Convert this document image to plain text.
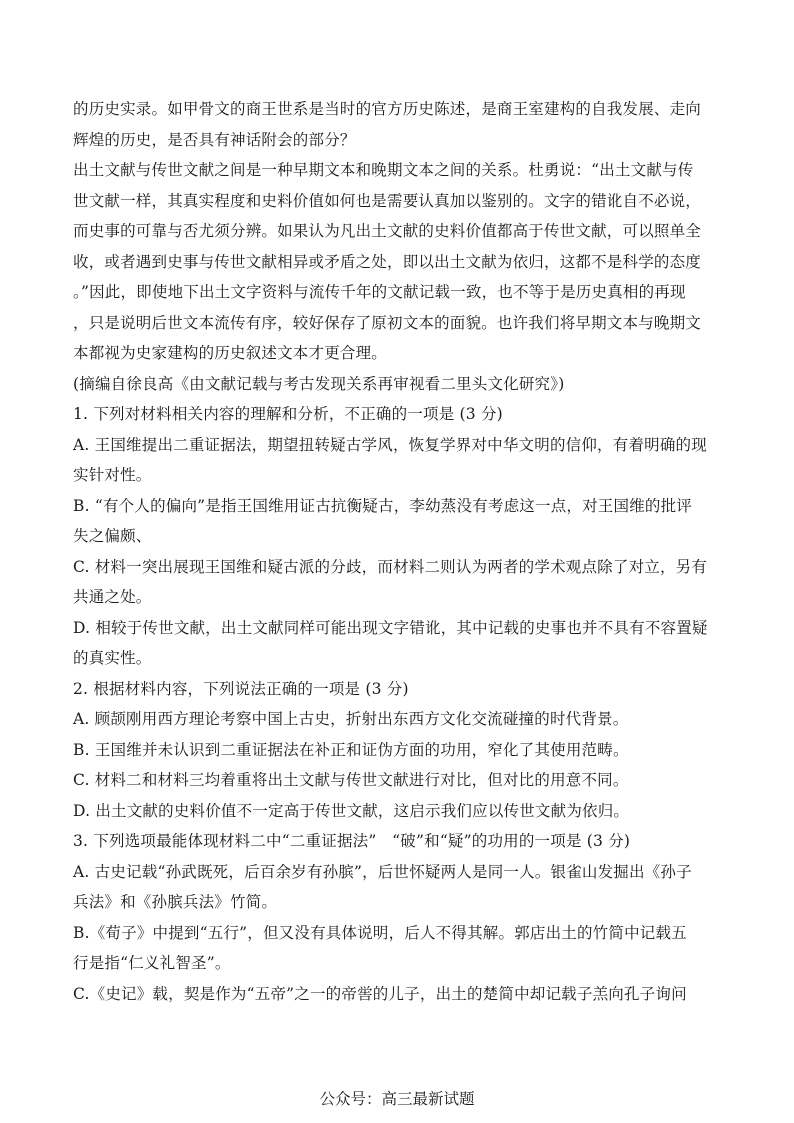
的历史实录。如甲骨文的商王世系是当时的官方历史陈述，是商王室建构的自我发展、走向
辉煌的历史，是否具有神话附会的部分？
出土文献与传世文献之间是一种早期文本和晚期文本之间的关系。杜勇说：“出土文献与传
世文献一样，其真实程度和史料价值如何也是需要认真加以鉴别的。文字的错讹自不必说，
而史事的可靠与否尤须分辨。如果认为凡出土文献的史料价值都高于传世文献，可以照单全
收，或者遇到史事与传世文献相异或矛盾之处，即以出土文献为依归，这都不是科学的态度
。”因此，即使地下出土文字资料与流传千年的文献记载一致，也不等于是历史真相的再现
，只是说明后世文本流传有序，较好保存了原初文本的面貌。也许我们将早期文本与晚期文
本都视为史家建构的历史叙述文本才更合理。
(摘编自徐良高《由文献记载与考古发现关系再审视看二里头文化研究》)
1. 下列对材料相关内容的理解和分析，不正确的一项是 (3 分)
A. 王国维提出二重证据法，期望扭转疑古学风，恢复学界对中华文明的信仰，有着明确的现
实针对性。
B. “有个人的偏向”是指王国维用证古抗衡疑古，李幼蒸没有考虑这一点，对王国维的批评
失之偏颇、
C. 材料一突出展现王国维和疑古派的分歧，而材料二则认为两者的学术观点除了对立，另有
共通之处。
D. 相较于传世文献，出土文献同样可能出现文字错讹，其中记载的史事也并不具有不容置疑
的真实性。
2. 根据材料内容，下列说法正确的一项是 (3 分)
A. 顾颉刚用西方理论考察中国上古史，折射出东西方文化交流碰撞的时代背景。
B. 王国维并未认识到二重证据法在补正和证伪方面的功用，窄化了其使用范畴。
C. 材料二和材料三均着重将出土文献与传世文献进行对比，但对比的用意不同。
D. 出土文献的史料价值不一定高于传世文献，这启示我们应以传世文献为依归。
3. 下列选项最能体现材料二中“二重证据法”　“破”和“疑”的功用的一项是 (3 分)
A. 古史记载“孙武既死，后百余岁有孙膑”，后世怀疑两人是同一人。银雀山发掘出《孙子
兵法》和《孙膑兵法》竹简。
B.《荀子》中提到“五行”，但又没有具体说明，后人不得其解。郭店出土的竹简中记载五
行是指“仁义礼智圣”。
C.《史记》载，契是作为“五帝”之一的帝喾的儿子，出土的楚简中却记载子羔向孔子询问
公众号：高三最新试题
